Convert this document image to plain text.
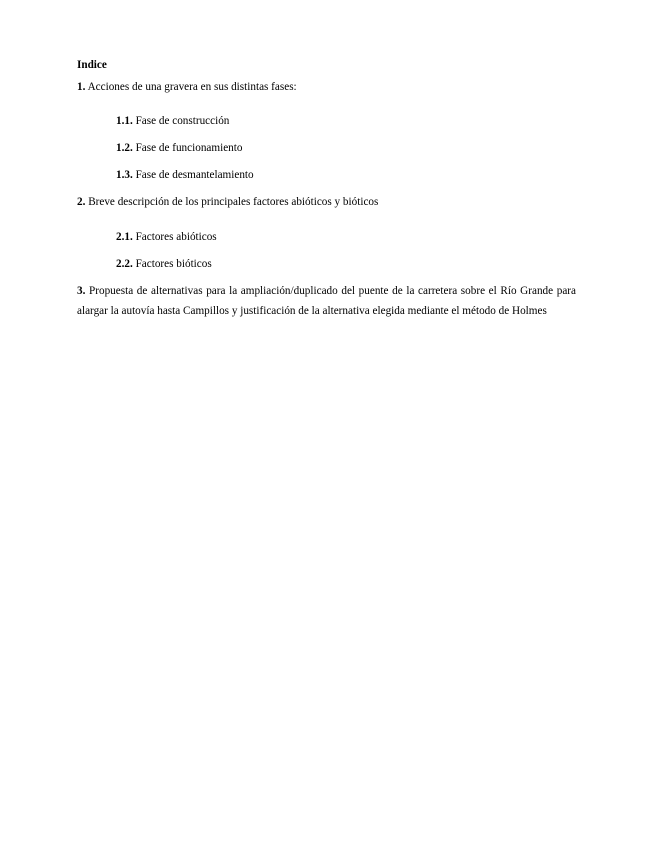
Indice
1. Acciones de una gravera en sus distintas fases:
1.1. Fase de construcción
1.2. Fase de funcionamiento
1.3. Fase de desmantelamiento
2. Breve descripción de los principales factores abióticos y bióticos
2.1. Factores abióticos
2.2. Factores bióticos
3. Propuesta de alternativas para la ampliación/duplicado del puente de la carretera sobre el Río Grande para alargar la autovía hasta Campillos y justificación de la alternativa elegida mediante el método de Holmes
